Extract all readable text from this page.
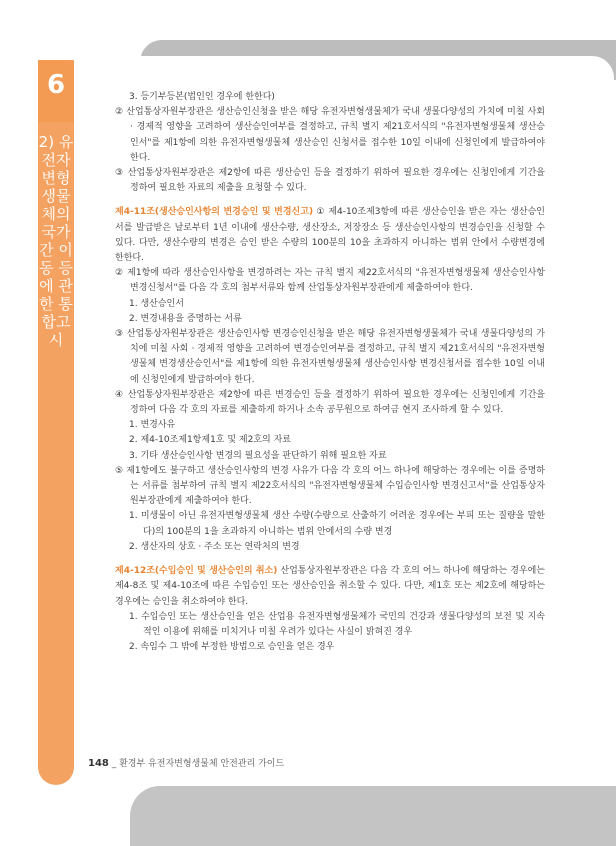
6
2) 유전자변형생물체의 국가간 이동 등에 관한 통합고시

3. 등기부등본(법인인 경우에 한한다)

② 산업통상자원부장관은 생산승인신청을 받은 해당 유전자변형생물체가 국내 생물다양성의 가치에 미칠 사회 · 경제적 영향을 고려하여 생산승인여부를 결정하고, 규칙 별지 제21호서식의 "유전자변형생물체 생산승인서"를 제1항에 의한 유전자변형생물체 생산승인 신청서를 접수한 10일 이내에 신청인에게 발급하여야 한다.

③ 산업통상자원부장관은 제2항에 따른 생산승인 등을 결정하기 위하여 필요한 경우에는 신청인에게 기간을 정하여 필요한 자료의 제출을 요청할 수 있다.

제4-11조(생산승인사항의 변경승인 및 변경신고) ① 제4-10조제3항에 따른 생산승인을 받은 자는 생산승인서를 발급받은 날로부터 1년 이내에 생산수량, 생산장소, 저장장소 등 생산승인사항의 변경승인을 신청할 수 있다. 다만, 생산수량의 변경은 승인 받은 수량의 100분의 10을 초과하지 아니하는 범위 안에서 수량변경에 한한다.

② 제1항에 따라 생산승인사항을 변경하려는 자는 규칙 별지 제22호서식의 "유전자변형생물체 생산승인사항 변경신청서"를 다음 각 호의 첨부서류와 함께 산업통상자원부장관에게 제출하여야 한다.

1. 생산승인서

2. 변경내용을 증명하는 서류

③ 산업통상자원부장관은 생산승인사항 변경승인신청을 받은 해당 유전자변형생물체가 국내 생물다양성의 가치에 미칠 사회 · 경제적 영향을 고려하여 변경승인여부를 결정하고, 규칙 별지 제21호서식의 "유전자변형생물체 변경생산승인서"를 제1항에 의한 유전자변형생물체 생산승인사항 변경신청서를 접수한 10일 이내에 신청인에게 발급하여야 한다.

④ 산업통상자원부장관은 제2항에 따른 변경승인 등을 결정하기 위하여 필요한 경우에는 신청인에게 기간을 정하여 다음 각 호의 자료를 제출하게 하거나 소속 공무원으로 하여금 현지 조사하게 할 수 있다.

1. 변경사유

2. 제4-10조제1항제1호 및 제2호의 자료

3. 기타 생산승인사항 변경의 필요성을 판단하기 위해 필요한 자료

⑤ 제1항에도 불구하고 생산승인사항의 변경 사유가 다음 각 호의 어느 하나에 해당하는 경우에는 이를 증명하는 서류를 첨부하여 규칙 별지 제22호서식의 "유전자변형생물체 수입승인사항 변경신고서"를 산업통상자원부장관에게 제출하여야 한다.

1. 미생물이 아닌 유전자변형생물체 생산 수량(수량으로 산출하기 어려운 경우에는 부피 또는 질량을 말한다)의 100분의 1을 초과하지 아니하는 범위 안에서의 수량 변경

2. 생산자의 상호 · 주소 또는 연락처의 변경

제4-12조(수입승인 및 생산승인의 취소) 산업통상자원부장관은 다음 각 호의 어느 하나에 해당하는 경우에는 제4-8조 및 제4-10조에 따른 수입승인 또는 생산승인을 취소할 수 있다. 다만, 제1호 또는 제2호에 해당하는 경우에는 승인을 취소하여야 한다.

1. 수입승인 또는 생산승인을 얻은 산업용 유전자변형생물체가 국민의 건강과 생물다양성의 보전 및 지속적인 이용에 위해를 미치거나 미칠 우려가 있다는 사실이 밝혀진 경우

2. 속임수 그 밖에 부정한 방법으로 승인을 얻은 경우

148 _ 환경부 유전자변형생물체 안전관리 가이드
